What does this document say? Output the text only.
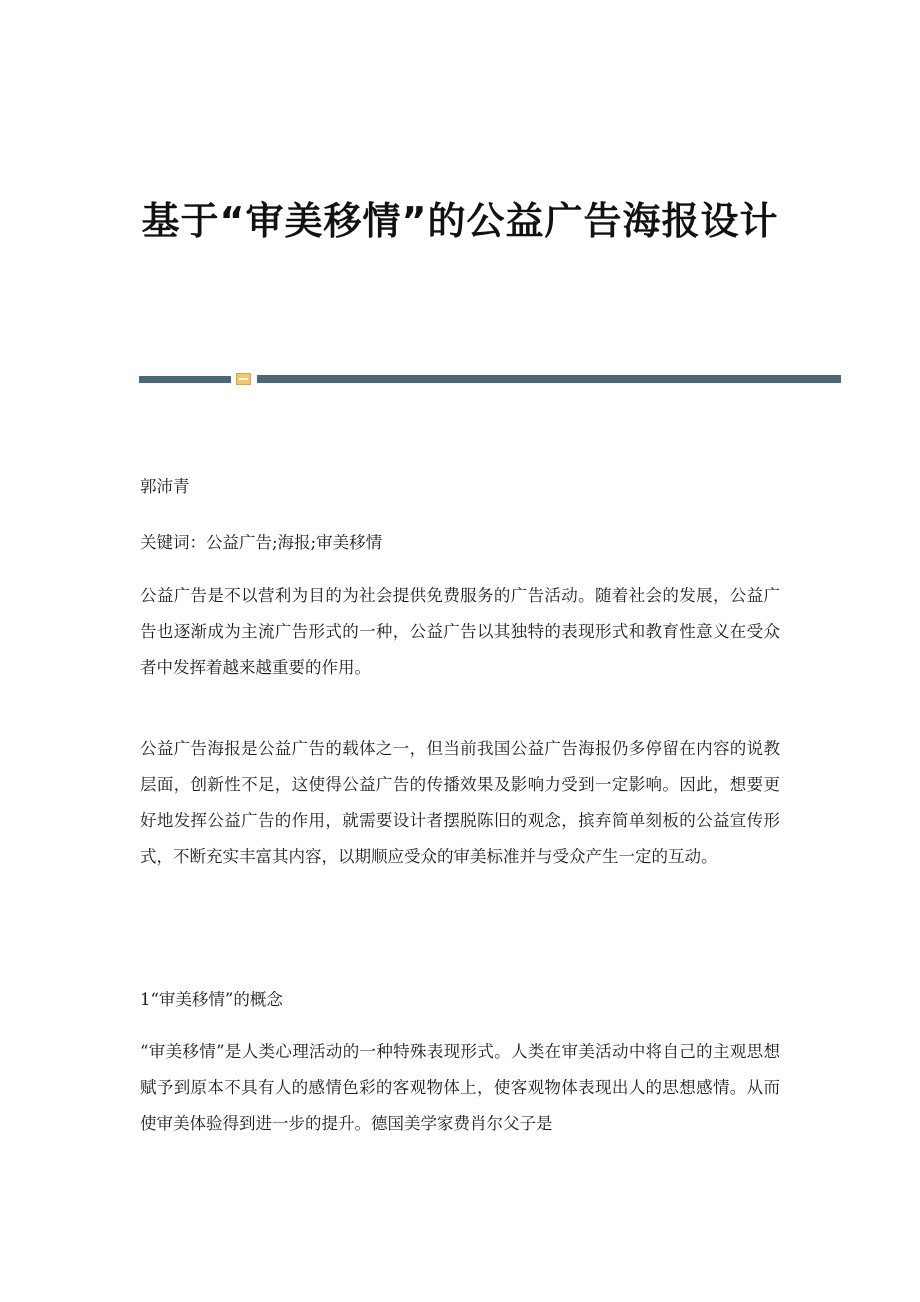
基于“审美移情”的公益广告海报设计
郭沛青
关键词：公益广告;海报;审美移情

公益广告是不以营利为目的为社会提供免费服务的广告活动。随着社会的发展，公益广告也逐渐成为主流广告形式的一种，公益广告以其独特的表现形式和教育性意义在受众者中发挥着越来越重要的作用。

公益广告海报是公益广告的载体之一，但当前我国公益广告海报仍多停留在内容的说教层面，创新性不足，这使得公益广告的传播效果及影响力受到一定影响。因此，想要更好地发挥公益广告的作用，就需要设计者摆脱陈旧的观念，摈弃简单刻板的公益宣传形式，不断充实丰富其内容，以期顺应受众的审美标准并与受众产生一定的互动。

1“审美移情”的概念

“审美移情”是人类心理活动的一种特殊表现形式。人类在审美活动中将自己的主观思想赋予到原本不具有人的感情色彩的客观物体上，使客观物体表现出人的思想感情。从而使审美体验得到进一步的提升。德国美学家费肖尔父子是
